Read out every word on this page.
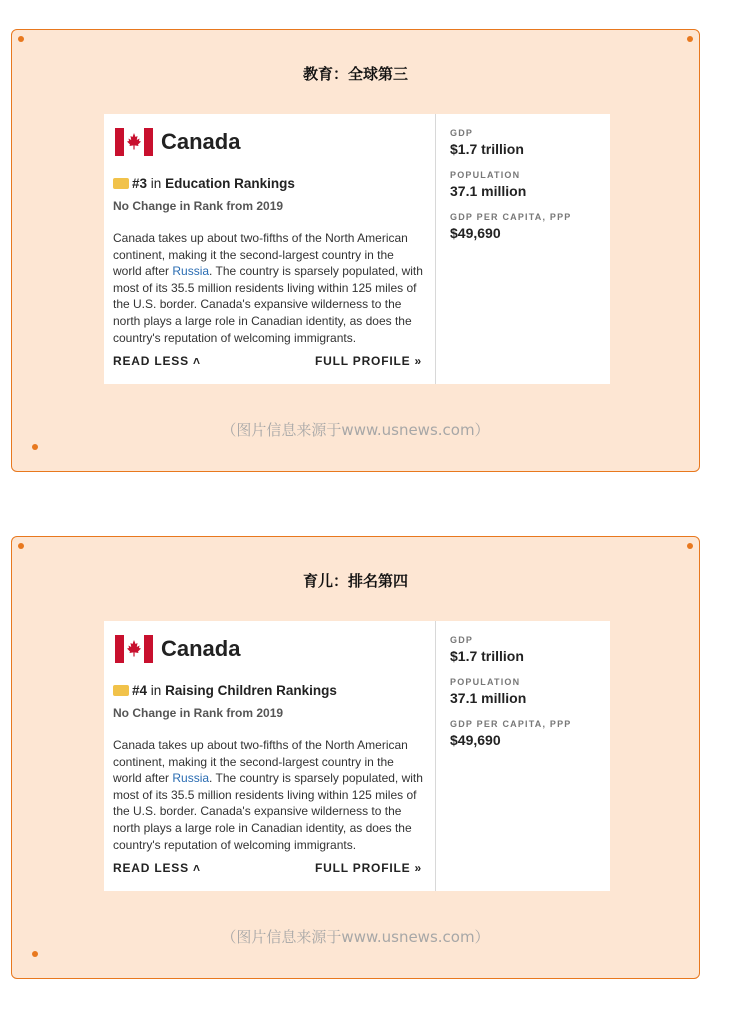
教育：全球第三
Canada
#3 in Education Rankings
No Change in Rank from 2019

Canada takes up about two-fifths of the North American continent, making it the second-largest country in the world after Russia. The country is sparsely populated, with most of its 35.5 million residents living within 125 miles of the U.S. border. Canada's expansive wilderness to the north plays a large role in Canadian identity, as does the country's reputation of welcoming immigrants.

READ LESS ˄	FULL PROFILE »
GDP
$1.7 trillion
POPULATION
37.1 million
GDP PER CAPITA, PPP
$49,690
（图片信息来源于www.usnews.com）
育儿：排名第四
Canada
#4 in Raising Children Rankings
No Change in Rank from 2019

Canada takes up about two-fifths of the North American continent, making it the second-largest country in the world after Russia. The country is sparsely populated, with most of its 35.5 million residents living within 125 miles of the U.S. border. Canada's expansive wilderness to the north plays a large role in Canadian identity, as does the country's reputation of welcoming immigrants.

READ LESS ˄	FULL PROFILE »
GDP
$1.7 trillion
POPULATION
37.1 million
GDP PER CAPITA, PPP
$49,690
（图片信息来源于www.usnews.com）
